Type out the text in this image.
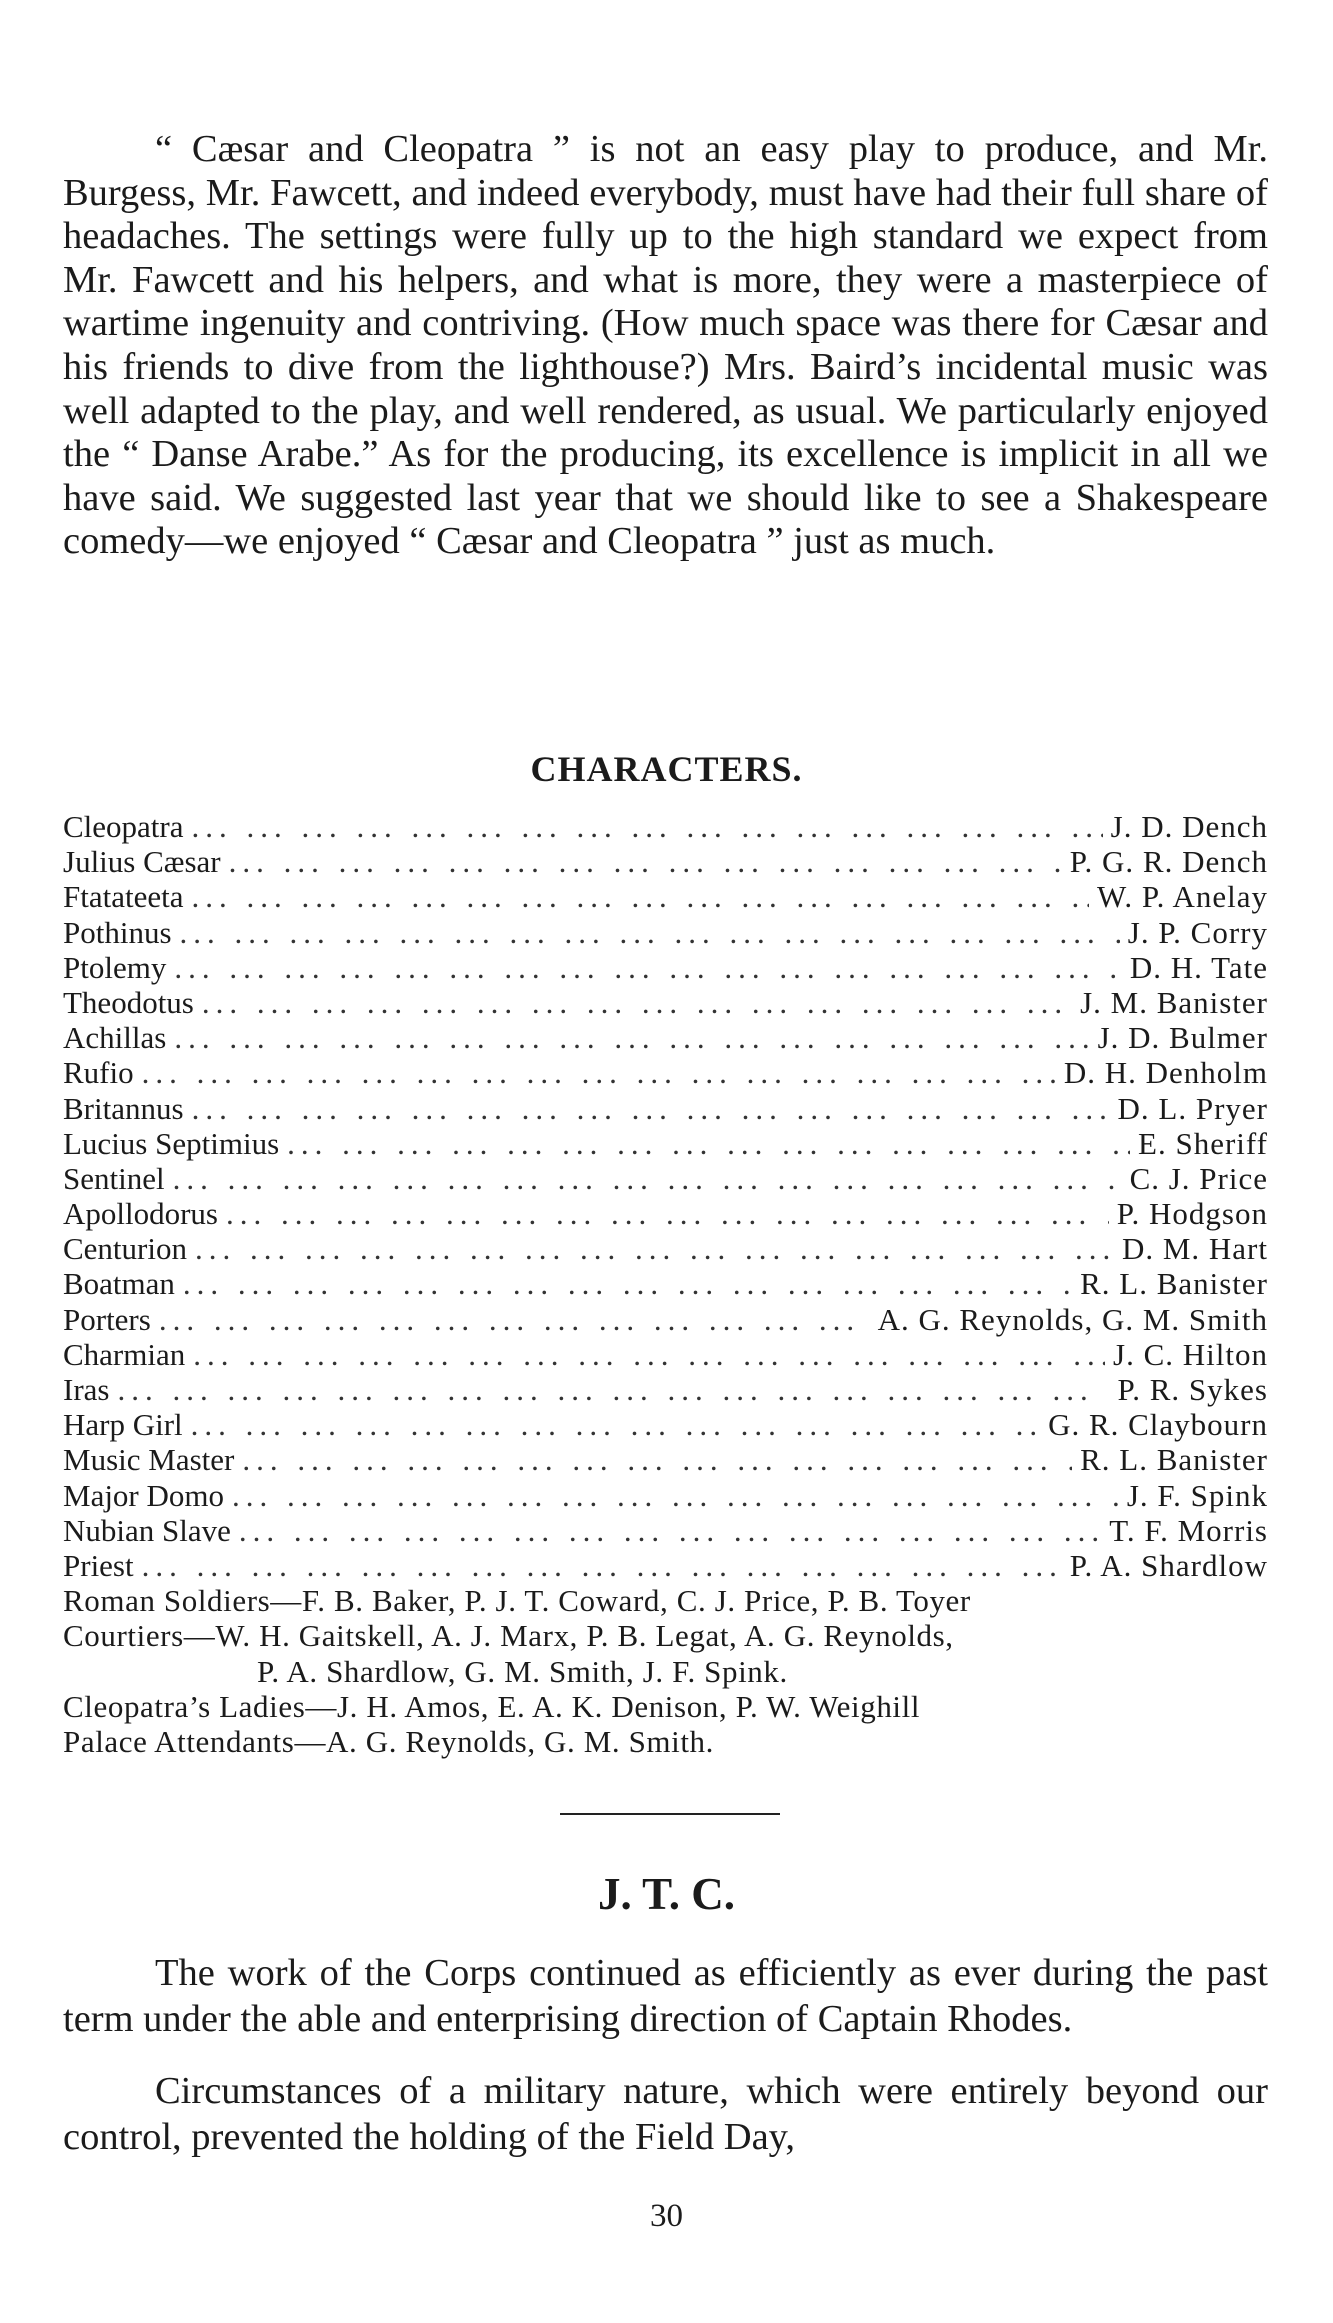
“ Cæsar and Cleopatra ” is not an easy play to produce, and Mr. Burgess, Mr. Fawcett, and indeed everybody, must have had their full share of headaches. The settings were fully up to the high standard we expect from Mr. Fawcett and his helpers, and what is more, they were a masterpiece of wartime ingenuity and contriving. (How much space was there for Cæsar and his friends to dive from the lighthouse?) Mrs. Baird’s incidental music was well adapted to the play, and well rendered, as usual. We particularly enjoyed the “ Danse Arabe.” As for the producing, its excellence is implicit in all we have said. We suggested last year that we should like to see a Shakespeare comedy—we enjoyed “ Cæsar and Cleopatra ” just as much.

CHARACTERS.
Cleopatra ... .	J. D. Dench
Julius Cæsar ... .	P. G. R. Dench
Ftatateeta ... .	W. P. Anelay
Pothinus ... .	J. P. Corry
Ptolemy ... .	D. H. Tate
Theodotus ... .	J. M. Banister
Achillas ... .	J. D. Bulmer
Rufio ... .	D. H. Denholm
Britannus ... .	D. L. Pryer
Lucius Septimius ... .	E. Sheriff
Sentinel ... .	C. J. Price
Apollodorus ... .	P. Hodgson
Centurion ... .	D. M. Hart
Boatman ... .	R. L. Banister
Porters ... .	A. G. Reynolds, G. M. Smith
Charmian ... .	J. C. Hilton
Iras ... .	P. R. Sykes
Harp Girl ... .	G. R. Claybourn
Music Master ... .	R. L. Banister
Major Domo ... .	J. F. Spink
Nubian Slave ... .	T. F. Morris
Priest ... .	P. A. Shardlow
Roman Soldiers—F. B. Baker, P. J. T. Coward, C. J. Price, P. B. Toyer
Courtiers—W. H. Gaitskell, A. J. Marx, P. B. Legat, A. G. Reynolds,
P. A. Shardlow, G. M. Smith, J. F. Spink.
Cleopatra’s Ladies—J. H. Amos, E. A. K. Denison, P. W. Weighill
Palace Attendants—A. G. Reynolds, G. M. Smith.
J. T. C.

The work of the Corps continued as efficiently as ever during the past term under the able and enterprising direction of Captain Rhodes.

Circumstances of a military nature, which were entirely beyond our control, prevented the holding of the Field Day,

30
